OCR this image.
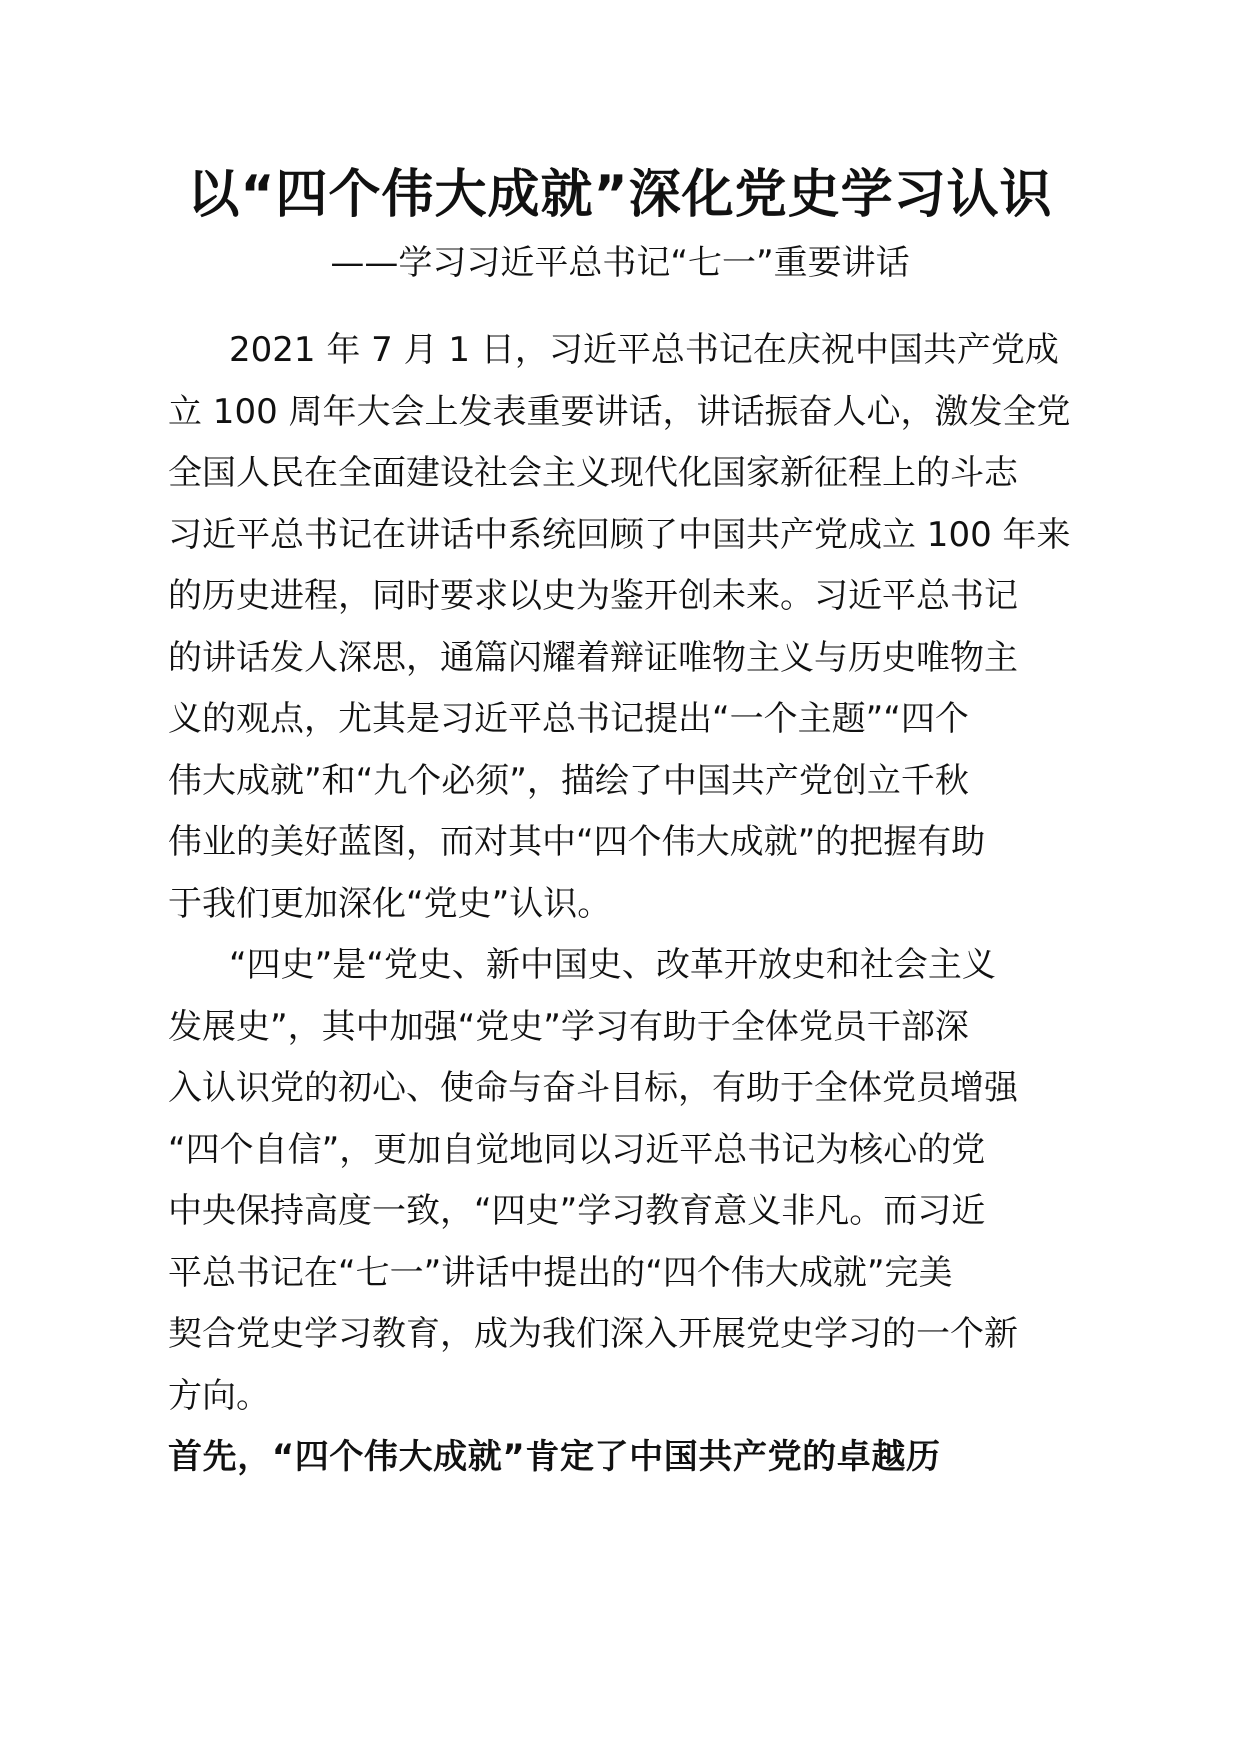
以“四个伟大成就”深化党史学习认识
——学习习近平总书记“七一”重要讲话
2021 年 7 月 1 日，习近平总书记在庆祝中国共产党成
立 100 周年大会上发表重要讲话，讲话振奋人心，激发全党
全国人民在全面建设社会主义现代化国家新征程上的斗志
习近平总书记在讲话中系统回顾了中国共产党成立 100 年来
的历史进程，同时要求以史为鉴开创未来。习近平总书记
的讲话发人深思，通篇闪耀着辩证唯物主义与历史唯物主
义的观点，尤其是习近平总书记提出“一个主题”“四个
伟大成就”和“九个必须”，描绘了中国共产党创立千秋
伟业的美好蓝图，而对其中“四个伟大成就”的把握有助
于我们更加深化“党史”认识。
“四史”是“党史、新中国史、改革开放史和社会主义
发展史”，其中加强“党史”学习有助于全体党员干部深
入认识党的初心、使命与奋斗目标，有助于全体党员增强
“四个自信”，更加自觉地同以习近平总书记为核心的党
中央保持高度一致，“四史”学习教育意义非凡。而习近
平总书记在“七一”讲话中提出的“四个伟大成就”完美
契合党史学习教育，成为我们深入开展党史学习的一个新
方向。
首先，“四个伟大成就”肯定了中国共产党的卓越历
